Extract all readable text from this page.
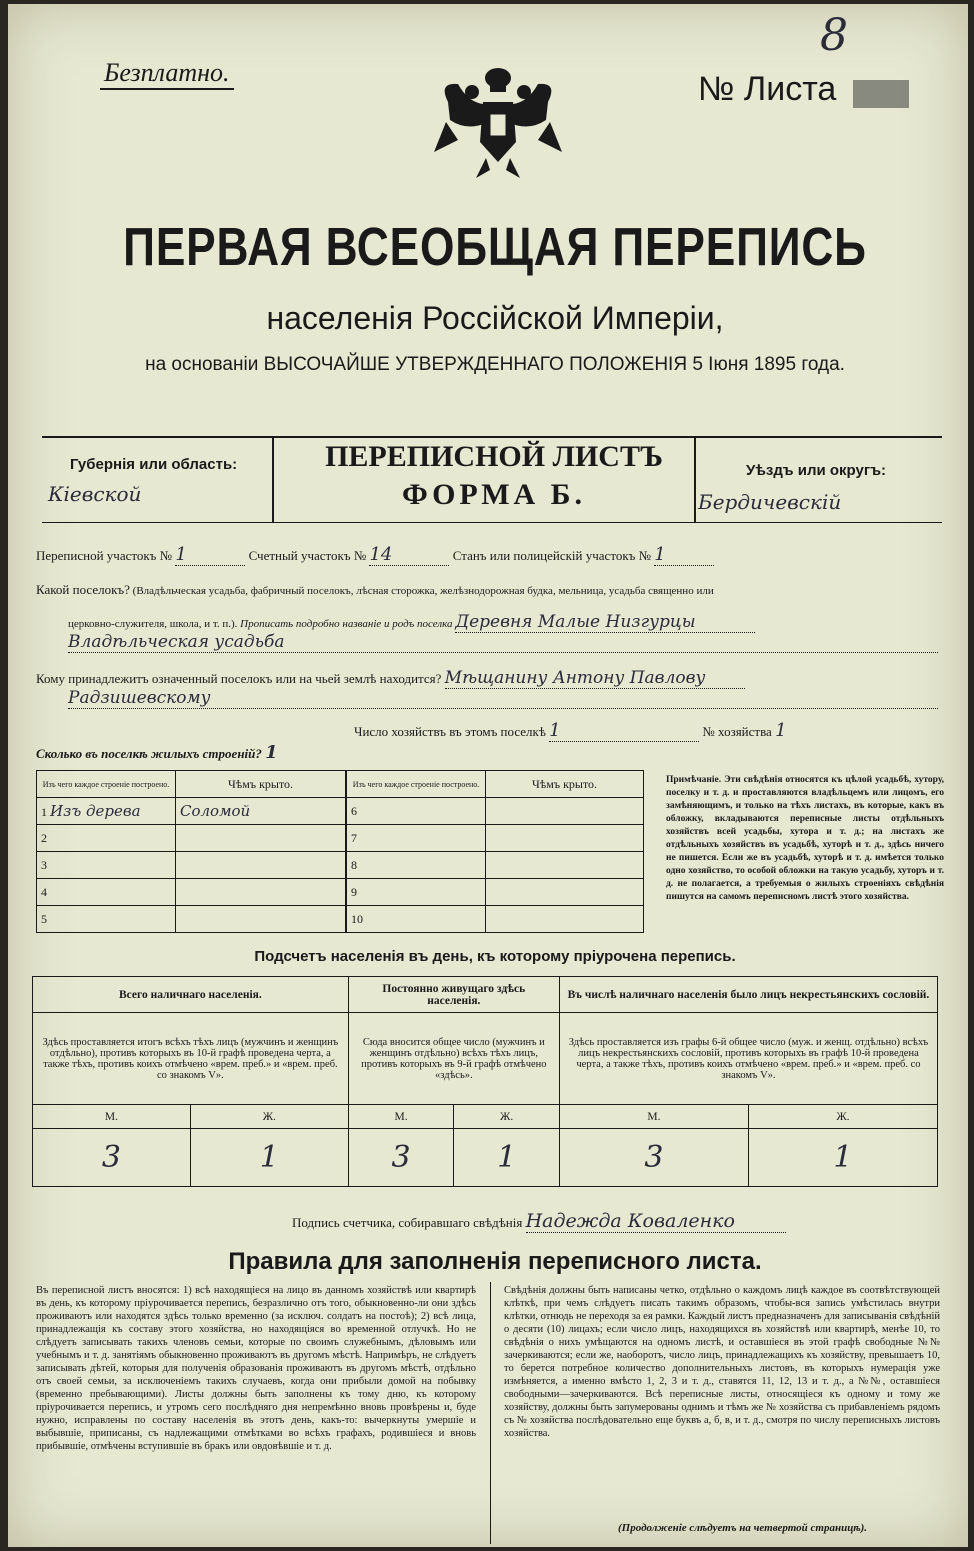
Безплатно.
8
№ Листа
ПЕРВАЯ ВСЕОБЩАЯ ПЕРЕПИСЬ
населенія Россійской Имперіи,
на основаніи ВЫСОЧАЙШЕ УТВЕРЖДЕННАГО ПОЛОЖЕНІЯ 5 Іюня 1895 года.
Губернія или область:
Кіевской
ПЕРЕПИСНОЙ ЛИСТЪ
ФОРМА Б.
Уѣздъ или округъ:
Бердичевскій
Переписной участокъ № 1	Счетный участокъ № 14	Станъ или полицейскій участокъ № 1
Какой поселокъ? (Владѣльческая усадьба, фабричный поселокъ, лѣсная сторожка, желѣзнодорожная будка, мельница, усадьба священно или
церковно-служителя, школа, и т. п.). Прописать подробно названіе и родъ поселка Деревня Малые Низгурцы
Владѣльческая усадьба
Кому принадлежитъ означенный поселокъ или на чьей землѣ находится? Мѣщанину Антону Павлову
Радзишевскому
Число хозяйствъ въ этомъ поселкѣ 1	№ хозяйства 1
Сколько въ поселкѣ жилыхъ строеній? 1
Изъ чего каждое строеніе построено.	Чѣмъ крыто.
1 Изъ дерева	Соломой
2	
3	
4	
5	
Изъ чего каждое строеніе построено.	Чѣмъ крыто.
6	
7	
8	
9	
10	
Примѣчаніе. Эти свѣдѣнія относятся къ цѣлой усадьбѣ, хутору, поселку и т. д. и проставляются владѣльцемъ или лицомъ, его замѣняющимъ, и только на тѣхъ листахъ, въ которые, какъ въ обложку, вкладываются переписные листы отдѣльныхъ хозяйствъ всей усадьбы, хутора и т. д.; на листахъ же отдѣльныхъ хозяйствъ въ усадьбѣ, хуторѣ и т. д., здѣсь ничего не пишется. Если же въ усадьбѣ, хуторѣ и т. д. имѣется только одно хозяйство, то особой обложки на такую усадьбу, хуторъ и т. д. не полагается, а требуемыя о жилыхъ строеніяхъ свѣдѣнія пишутся на самомъ переписномъ листѣ этого хозяйства.
Подсчетъ населенія въ день, къ которому пріурочена перепись.
Всего наличнаго населенія.		Постоянно живущаго здѣсь населенія.		Въ числѣ наличнаго населенія было лицъ некрестьянскихъ сословій.	
Здѣсь проставляется итогъ всѣхъ тѣхъ лицъ (мужчинъ и женщинъ отдѣльно), противъ которыхъ въ 10-й графѣ проведена черта, а также тѣхъ, противъ коихъ отмѣчено «врем. преб.» и «врем. преб. со знакомъ V».		Сюда вносится общее число (мужчинъ и женщинъ отдѣльно) всѣхъ тѣхъ лицъ, противъ которыхъ въ 9-й графѣ отмѣчено «здѣсь».		Здѣсь проставляется изъ графы 6-й общее число (муж. и женщ. отдѣльно) всѣхъ лицъ некрестьянскихъ сословій, противъ которыхъ въ графѣ 10-й проведена черта, а также тѣхъ, противъ коихъ отмѣчено «врем. преб.» и «врем. преб. со знакомъ V».	
М.	Ж.	М.	Ж.	М.	Ж.
3	1	3	1	3	1
Подпись счетчика, собиравшаго свѣдѣнія Надежда Коваленко
Правила для заполненія переписного листа.
Въ переписной листъ вносятся: 1) всѣ находящіеся на лицо въ данномъ хозяйствѣ или квартирѣ въ день, къ которому пріурочивается перепись, безразлично отъ того, обыкновенно-ли они здѣсь проживаютъ или находятся здѣсь только временно (за исключ. солдатъ на постоѣ); 2) всѣ лица, принадлежащія къ составу этого хозяйства, но находящіяся во временной отлучкѣ. Но не слѣдуетъ записывать такихъ членовъ семьи, которые по своимъ служебнымъ, дѣловымъ или учебнымъ и т. д. занятіямъ обыкновенно проживаютъ въ другомъ мѣстѣ. Напримѣръ, не слѣдуетъ записывать дѣтей, которыя для полученія образованія проживаютъ въ другомъ мѣстѣ, отдѣльно отъ своей семьи, за исключеніемъ такихъ случаевъ, когда они прибыли домой на побывку (временно пребывающими). Листы должны быть заполнены къ тому дню, къ которому пріурочивается перепись, и утромъ сего послѣдняго дня непремѣнно вновь провѣрены и, буде нужно, исправлены по составу населенія въ этотъ день, какъ-то: вычеркнуты умершіе и выбывшіе, приписаны, съ надлежащими отмѣтками во всѣхъ графахъ, родившіеся и вновь прибывшіе, отмѣчены вступившіе въ бракъ или овдовѣвшіе и т. д.
Свѣдѣнія должны быть написаны четко, отдѣльно о каждомъ лицѣ каждое въ соотвѣтствующей клѣткѣ, при чемъ слѣдуетъ писать такимъ образомъ, чтобы-вся запись умѣстилась внутри клѣтки, отнюдь не переходя за ея рамки. Каждый листъ предназначенъ для записыванія свѣдѣній о десяти (10) лицахъ; если число лицъ, находящихся въ хозяйствѣ или квартирѣ, менѣе 10, то свѣдѣнія о нихъ умѣщаются на одномъ листѣ, и оставшіеся въ этой графѣ свободные №№ зачеркиваются; если же, наоборотъ, число лицъ, принадлежащихъ къ хозяйству, превышаетъ 10, то берется потребное количество дополнительныхъ листовъ, въ которыхъ нумерація уже измѣняется, а именно вмѣсто 1, 2, 3 и т. д., ставятся 11, 12, 13 и т. д., а №№, оставшіеся свободными—зачеркиваются. Всѣ переписные листы, относящіеся къ одному и тому же хозяйству, должны быть запумерованы однимъ и тѣмъ же № хозяйства съ прибавленіемъ рядомъ съ № хозяйства послѣдовательно еще буквъ а, б, в, и т. д., смотря по числу переписныхъ листовъ хозяйства.
(Продолженіе слѣдуетъ на четвертой страницѣ).
